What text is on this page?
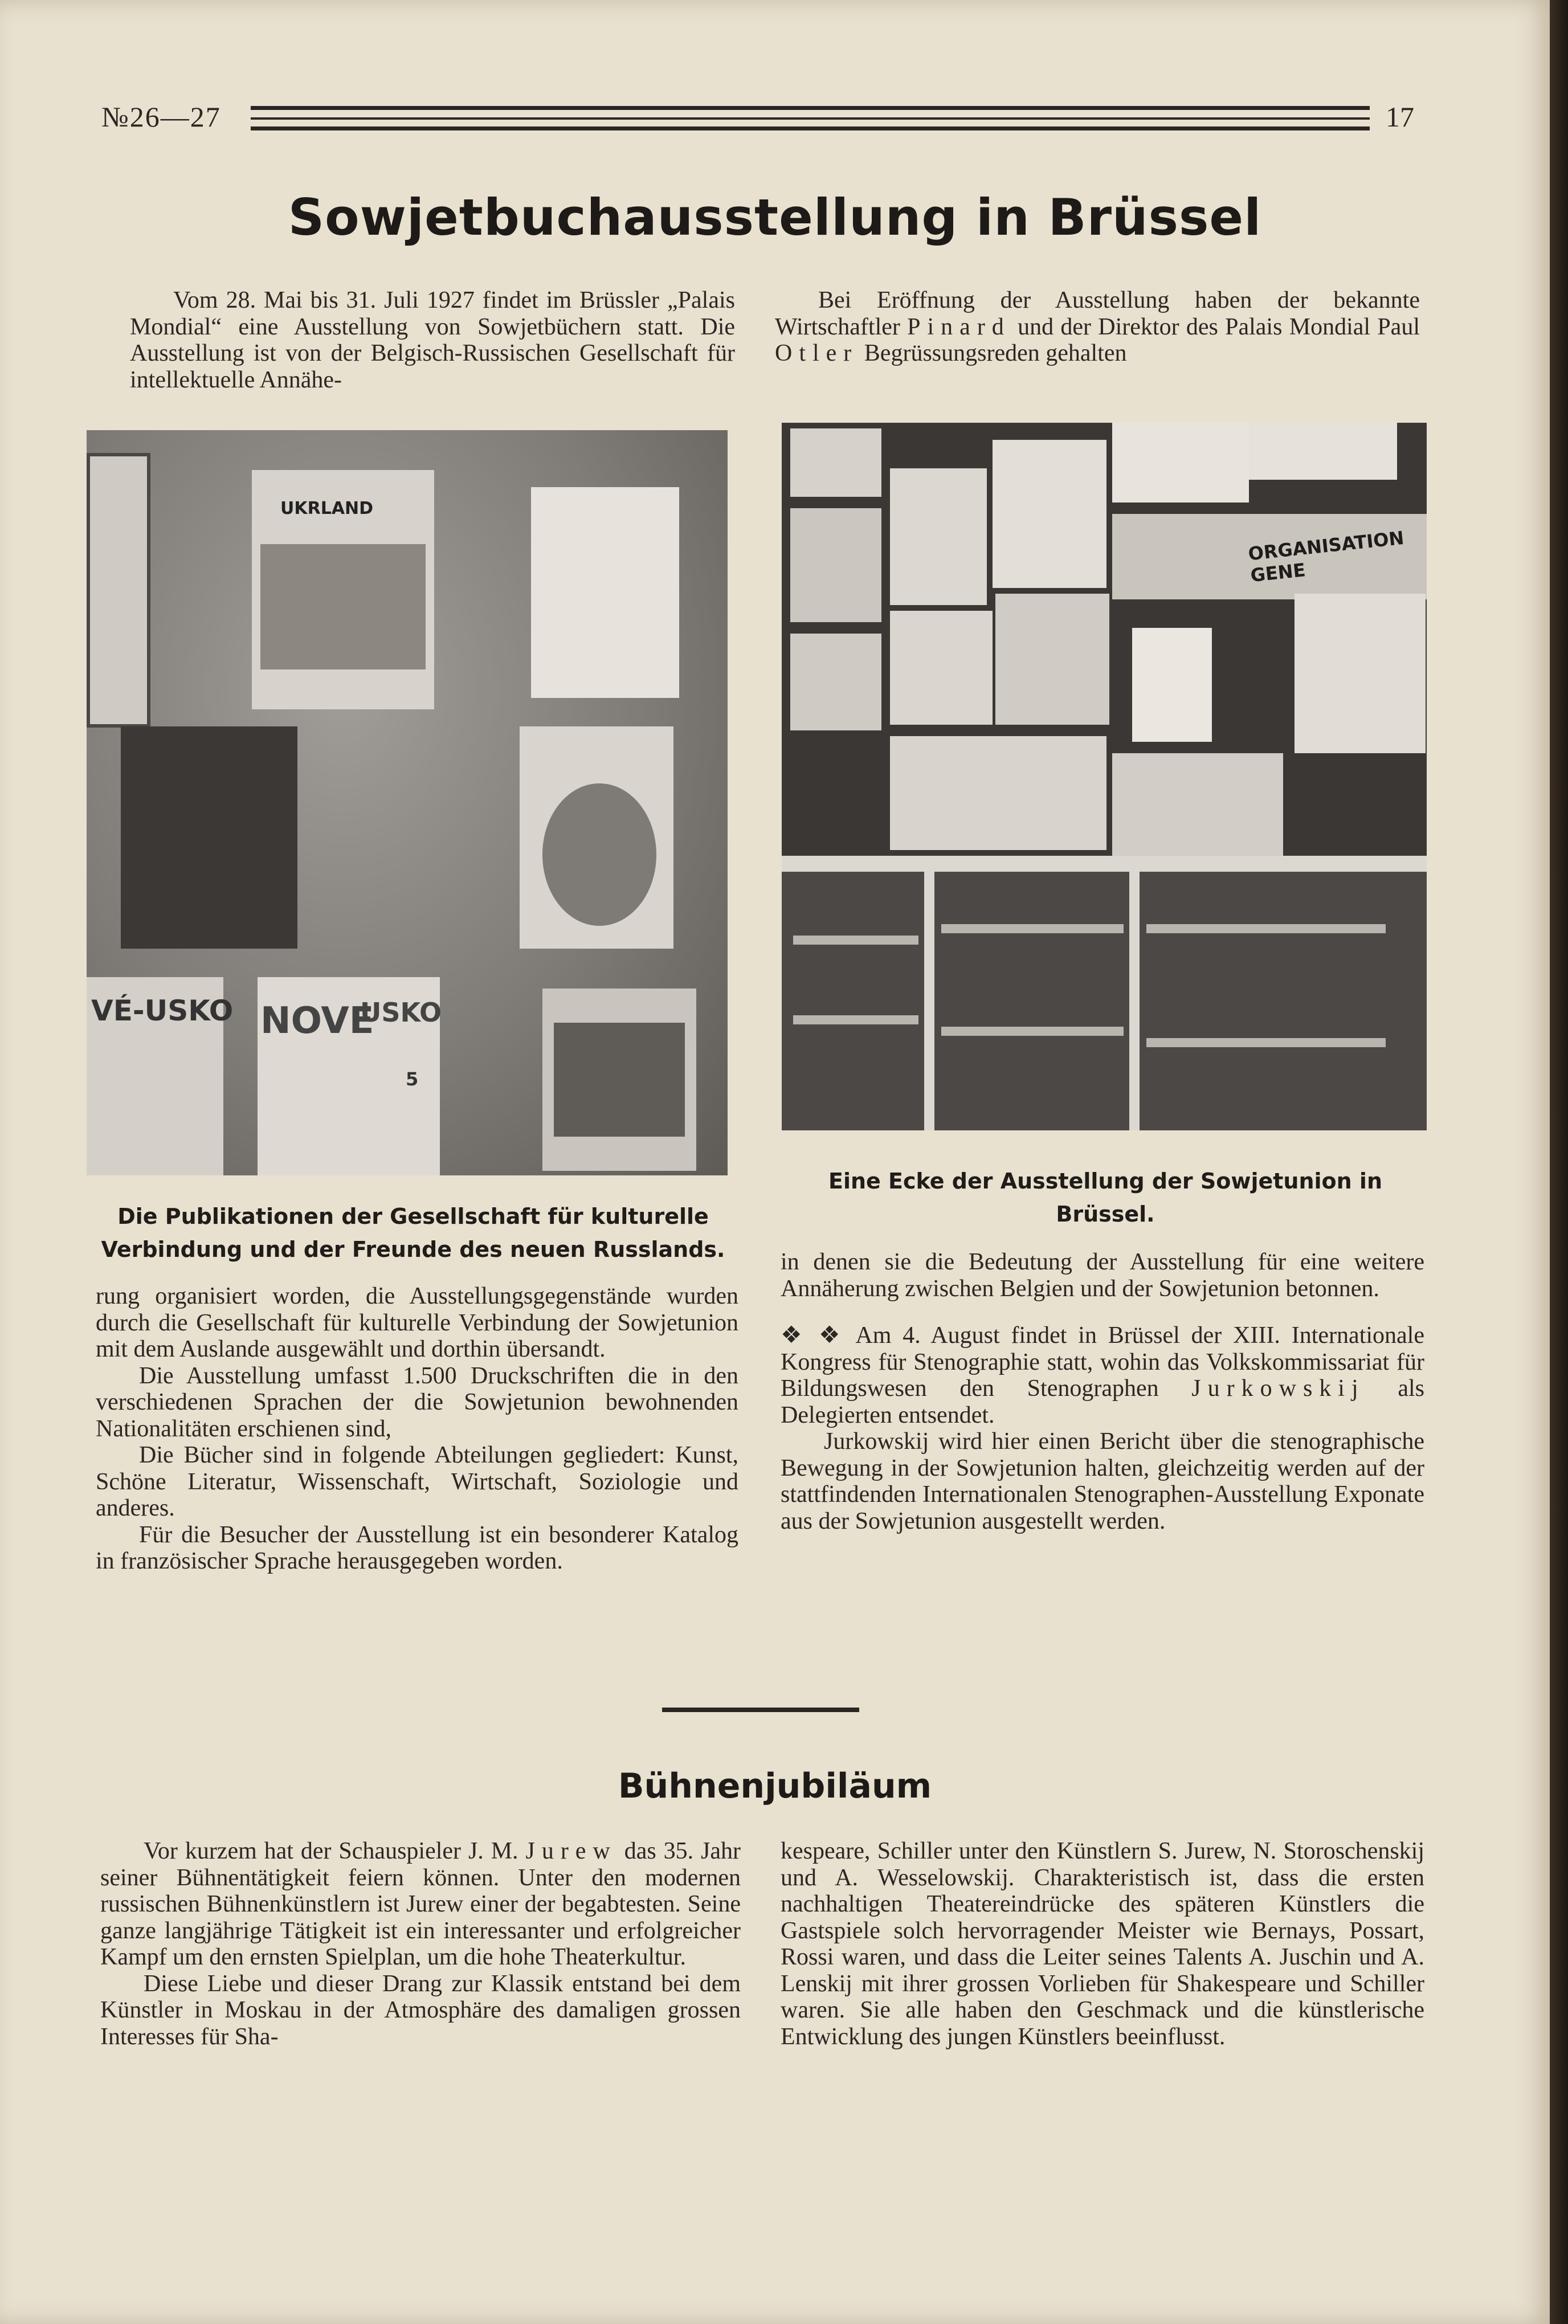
№26—27	17
Sowjetbuchausstellung in Brüssel

Vom 28. Mai bis 31. Juli 1927 findet im Brüssler „Palais Mondial“ eine Ausstellung von Sowjetbüchern statt. Die Ausstellung ist von der Belgisch-Russischen Gesellschaft für intellektuelle Annähe-

Bei Eröffnung der Ausstellung haben der bekannte Wirtschaftler Pinard und der Direktor des Palais Mondial Paul Otler Begrüssungsreden gehalten

UKRLAND
VÉ-USKO NOVE
USKO
5
ORGANISATION GENE
Die Publikationen der Gesellschaft für kulturelle Verbindung und der Freunde des neuen Russlands.
Eine Ecke der Ausstellung der Sowjetunion in Brüssel.

rung organisiert worden, die Ausstellungsgegenstände wurden durch die Gesellschaft für kulturelle Verbindung der Sowjetunion mit dem Auslande ausgewählt und dorthin übersandt.

Die Ausstellung umfasst 1.500 Druckschriften die in den verschiedenen Sprachen der die Sowjetunion bewohnenden Nationalitäten erschienen sind,

Die Bücher sind in folgende Abteilungen gegliedert: Kunst, Schöne Literatur, Wissenschaft, Wirtschaft, Soziologie und anderes.

Für die Besucher der Ausstellung ist ein besonderer Katalog in französischer Sprache herausgegeben worden.

in denen sie die Bedeutung der Ausstellung für eine weitere Annäherung zwischen Belgien und der Sowjetunion betonnen.

❖ ❖ Am 4. August findet in Brüssel der XIII. Internationale Kongress für Stenographie statt, wohin das Volkskommissariat für Bildungswesen den Stenographen Jurkowskij als Delegierten entsendet.

Jurkowskij wird hier einen Bericht über die stenographische Bewegung in der Sowjetunion halten, gleichzeitig werden auf der stattfindenden Internationalen Stenographen-Ausstellung Exponate aus der Sowjetunion ausgestellt werden.

Bühnenjubiläum

Vor kurzem hat der Schauspieler J. M. Jurew das 35. Jahr seiner Bühnentätigkeit feiern können. Unter den modernen russischen Bühnenkünstlern ist Jurew einer der begabtesten. Seine ganze langjährige Tätigkeit ist ein interessanter und erfolgreicher Kampf um den ernsten Spielplan, um die hohe Theaterkultur.

Diese Liebe und dieser Drang zur Klassik entstand bei dem Künstler in Moskau in der Atmosphäre des damaligen grossen Interesses für Sha-

kespeare, Schiller unter den Künstlern S. Jurew, N. Storoschenskij und A. Wesselowskij. Charakteristisch ist, dass die ersten nachhaltigen Theatereindrücke des späteren Künstlers die Gastspiele solch hervorragender Meister wie Bernays, Possart, Rossi waren, und dass die Leiter seines Talents A. Juschin und A. Lenskij mit ihrer grossen Vorlieben für Shakespeare und Schiller waren. Sie alle haben den Geschmack und die künstlerische Entwicklung des jungen Künstlers beeinflusst.
